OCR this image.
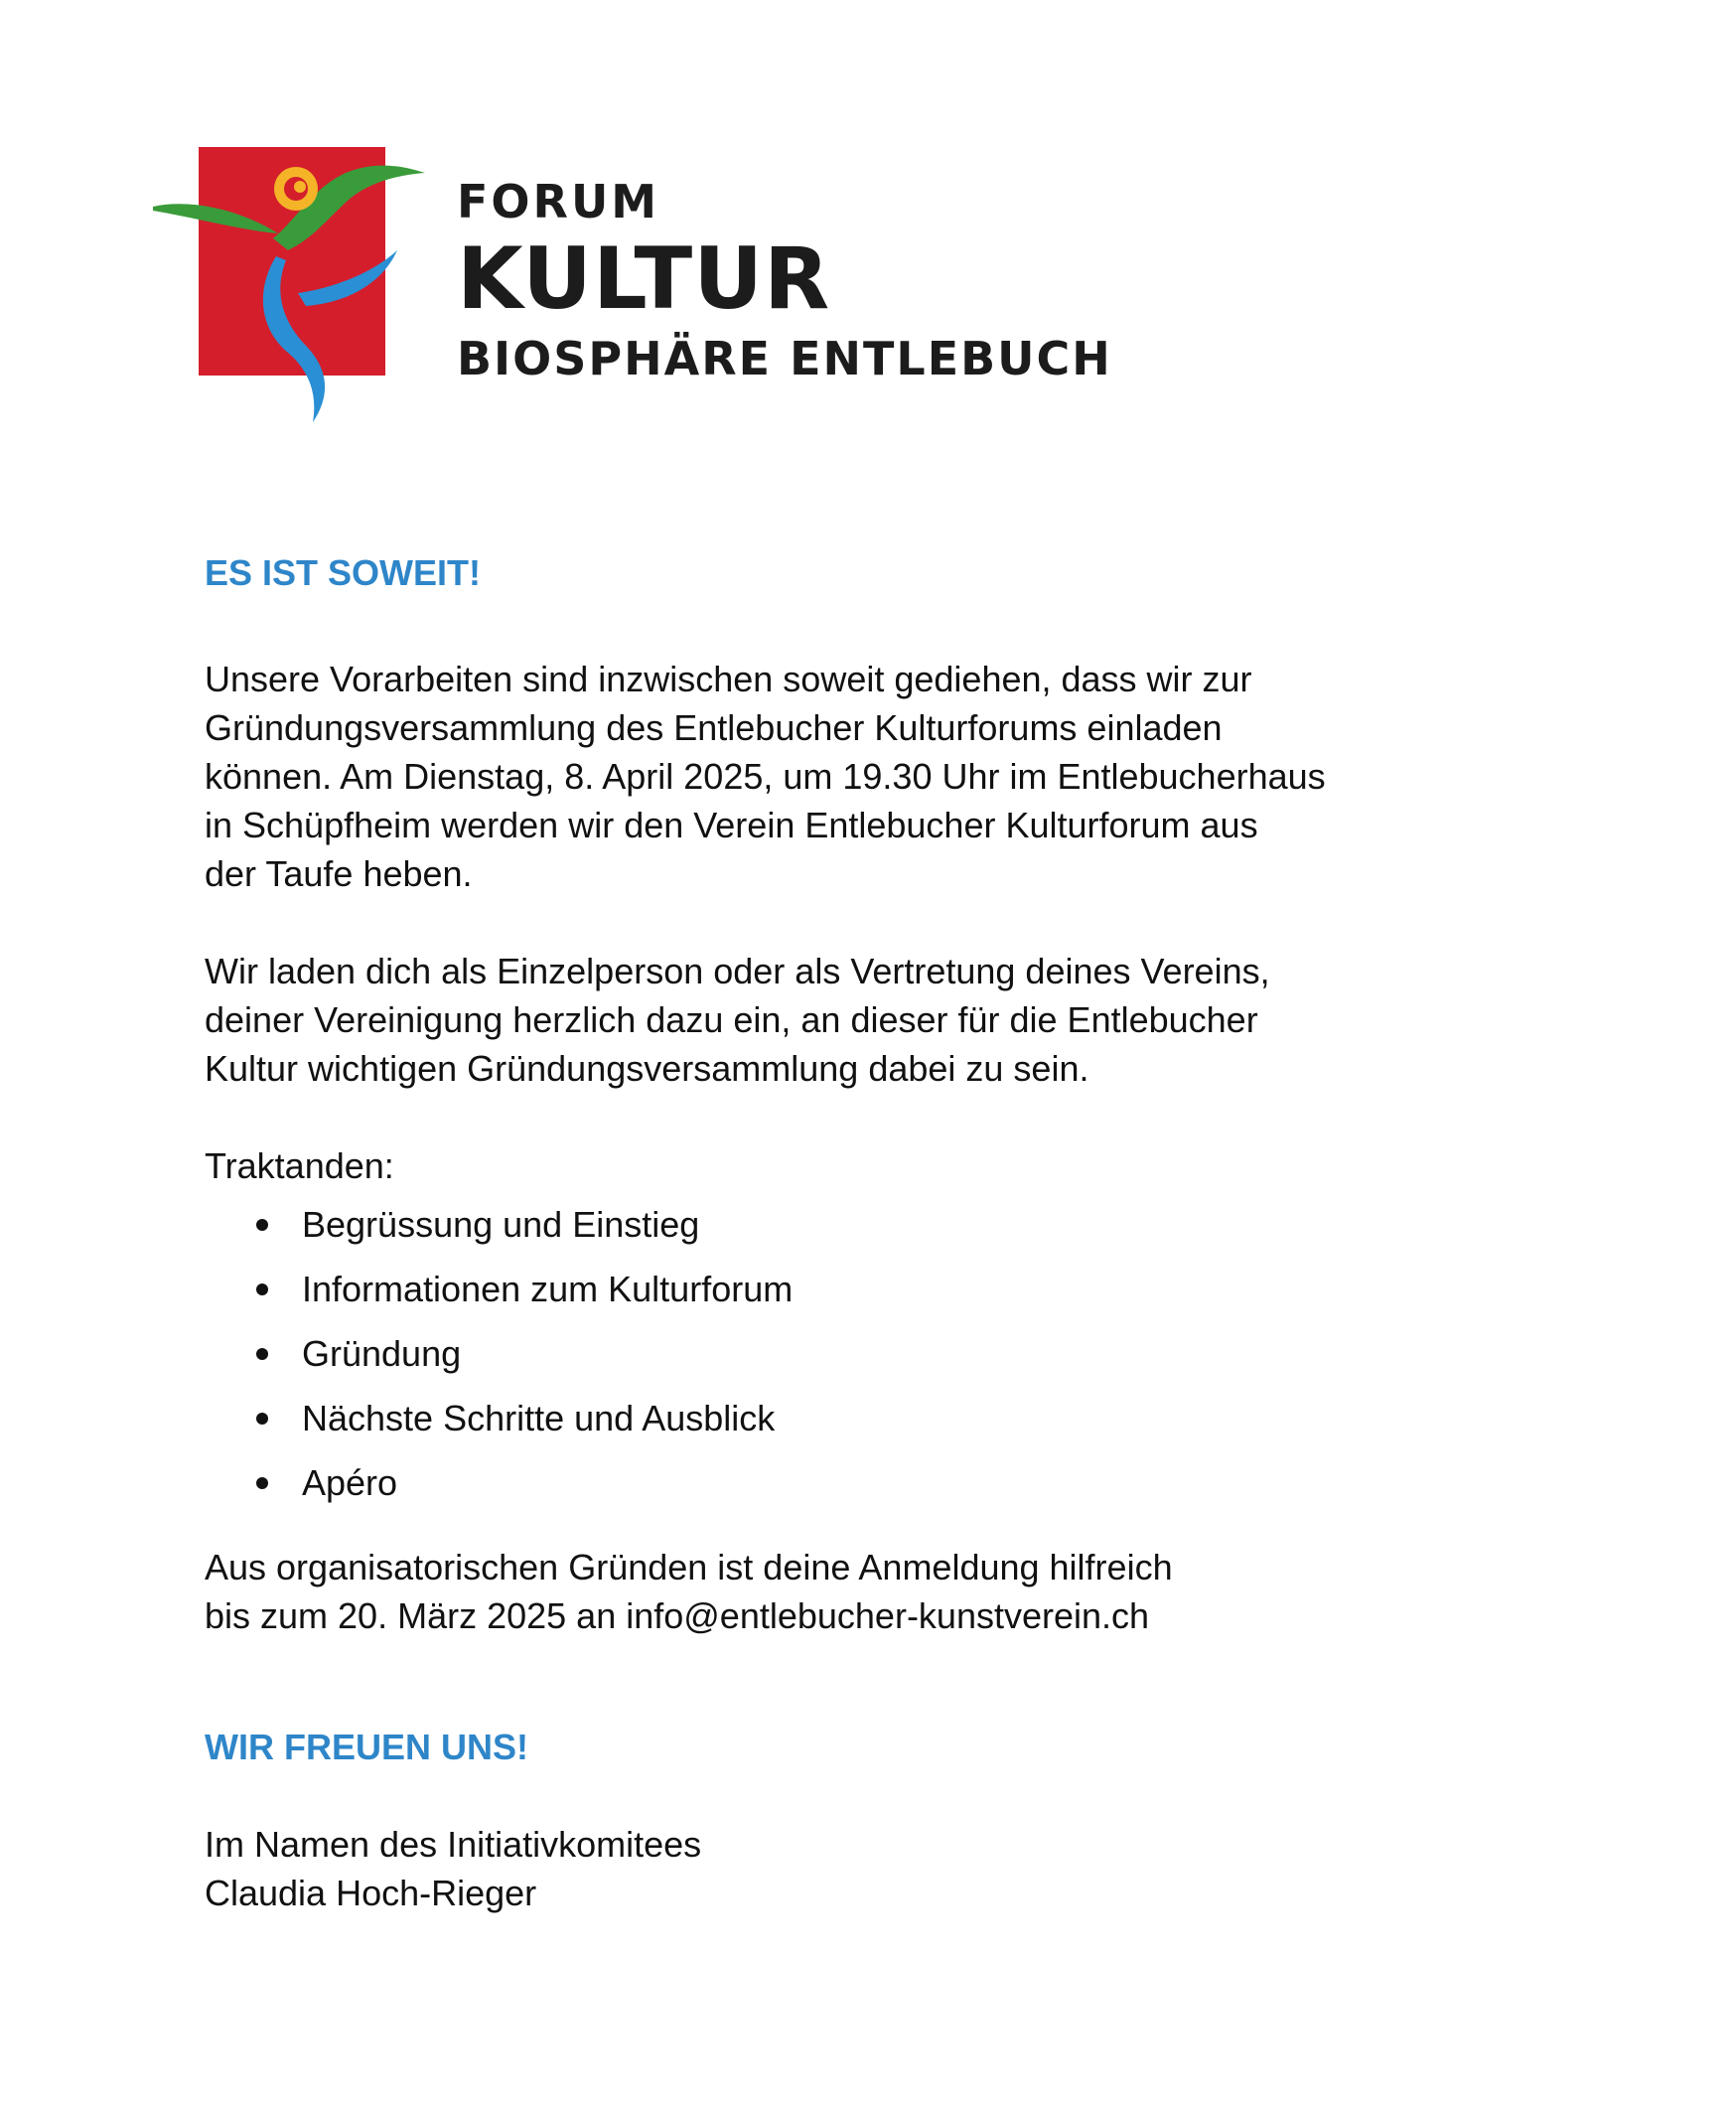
FORUM
KULTUR
BIOSPHÄRE ENTLEBUCH
ES IST SOWEIT!

Unsere Vorarbeiten sind inzwischen soweit gediehen, dass wir zur
Gründungsversammlung des Entlebucher Kulturforums einladen
können. Am Dienstag, 8. April 2025, um 19.30 Uhr im Entlebucherhaus
in Schüpfheim werden wir den Verein Entlebucher Kulturforum aus
der Taufe heben.

Wir laden dich als Einzelperson oder als Vertretung deines Vereins,
deiner Vereinigung herzlich dazu ein, an dieser für die Entlebucher
Kultur wichtigen Gründungsversammlung dabei zu sein.

Traktanden:

Begrüssung und Einstieg
Informationen zum Kulturforum
Gründung
Nächste Schritte und Ausblick
Apéro

Aus organisatorischen Gründen ist deine Anmeldung hilfreich
bis zum 20. März 2025 an info@entlebucher-kunstverein.ch

WIR FREUEN UNS!

Im Namen des Initiativkomitees
Claudia Hoch-Rieger
